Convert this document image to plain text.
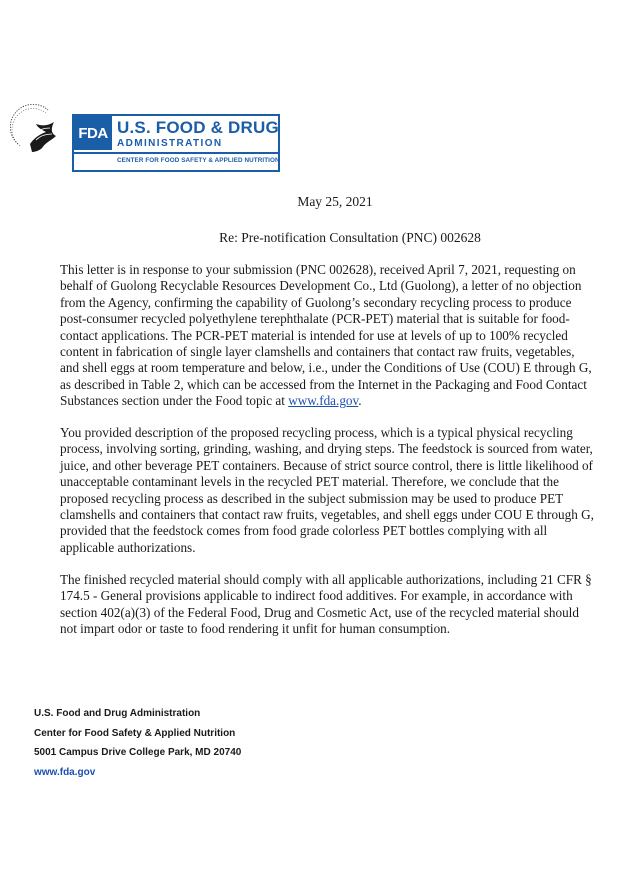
FDA U.S. FOOD & DRUG
ADMINISTRATION
CENTER FOR FOOD SAFETY & APPLIED NUTRITION
May 25, 2021
Re: Pre-notification Consultation (PNC) 002628

This letter is in response to your submission (PNC 002628), received April 7, 2021, requesting on behalf of Guolong Recyclable Resources Development Co., Ltd (Guolong), a letter of no objection from the Agency, confirming the capability of Guolong’s secondary recycling process to produce post-consumer recycled polyethylene terephthalate (PCR-PET) material that is suitable for food-contact applications. The PCR-PET material is intended for use at levels of up to 100% recycled content in fabrication of single layer clamshells and containers that contact raw fruits, vegetables, and shell eggs at room temperature and below, i.e., under the Conditions of Use (COU) E through G, as described in Table 2, which can be accessed from the Internet in the Packaging and Food Contact Substances section under the Food topic at www.fda.gov.

You provided description of the proposed recycling process, which is a typical physical recycling process, involving sorting, grinding, washing, and drying steps. The feedstock is sourced from water, juice, and other beverage PET containers. Because of strict source control, there is little likelihood of unacceptable contaminant levels in the recycled PET material. Therefore, we conclude that the proposed recycling process as described in the subject submission may be used to produce PET clamshells and containers that contact raw fruits, vegetables, and shell eggs under COU E through G, provided that the feedstock comes from food grade colorless PET bottles complying with all applicable authorizations.

The finished recycled material should comply with all applicable authorizations, including 21 CFR § 174.5 - General provisions applicable to indirect food additives. For example, in accordance with section 402(a)(3) of the Federal Food, Drug and Cosmetic Act, use of the recycled material should not impart odor or taste to food rendering it unfit for human consumption.

U.S. Food and Drug Administration
Center for Food Safety & Applied Nutrition
5001 Campus Drive College Park, MD 20740
www.fda.gov
